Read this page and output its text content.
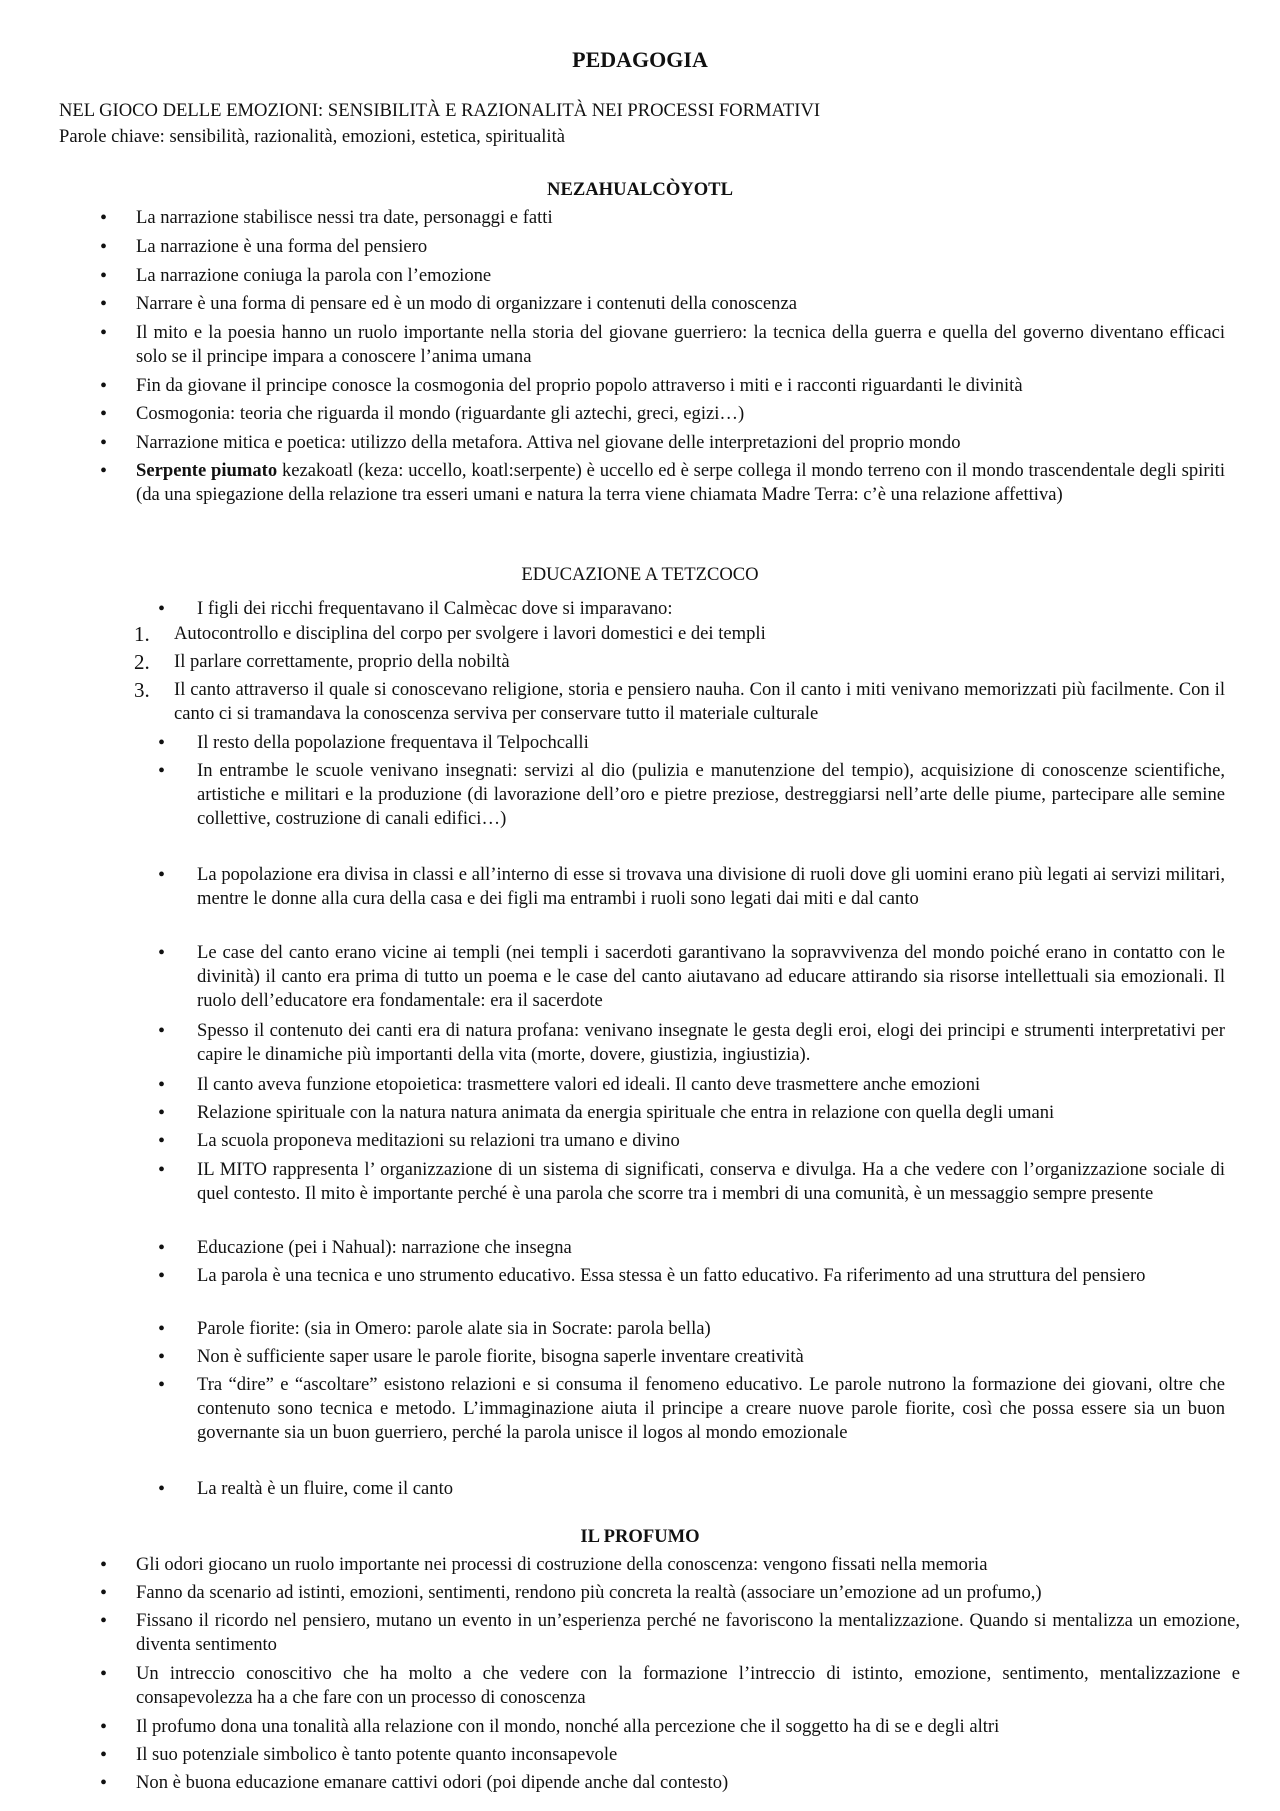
PEDAGOGIA
NEL GIOCO DELLE EMOZIONI: SENSIBILITÀ E RAZIONALITÀ NEI PROCESSI FORMATIVI
Parole chiave: sensibilità, razionalità, emozioni, estetica, spiritualità
NEZAHUALCÒYOTL
• La narrazione stabilisce nessi tra date, personaggi e fatti
• La narrazione è una forma del pensiero
• La narrazione coniuga la parola con l’emozione
• Narrare è una forma di pensare ed è un modo di organizzare i contenuti della conoscenza
• Il mito e la poesia hanno un ruolo importante nella storia del giovane guerriero: la tecnica della guerra e quella del governo diventano efficaci solo se il principe impara a conoscere l’anima umana
• Fin da giovane il principe conosce la cosmogonia del proprio popolo attraverso i miti e i racconti riguardanti le divinità
• Cosmogonia: teoria che riguarda il mondo (riguardante gli aztechi, greci, egizi…)
• Narrazione mitica e poetica: utilizzo della metafora. Attiva nel giovane delle interpretazioni del proprio mondo
• Serpente piumato kezakoatl (keza: uccello, koatl:serpente) è uccello ed è serpe collega il mondo terreno con il mondo trascendentale degli spiriti (da una spiegazione della relazione tra esseri umani e natura la terra viene chiamata Madre Terra: c’è una relazione affettiva)
EDUCAZIONE A TETZCOCO
• I figli dei ricchi frequentavano il Calmècac dove si imparavano:
1. Autocontrollo e disciplina del corpo per svolgere i lavori domestici e dei templi
2. Il parlare correttamente, proprio della nobiltà
3. Il canto attraverso il quale si conoscevano religione, storia e pensiero nauha. Con il canto i miti venivano memorizzati più facilmente. Con il canto ci si tramandava la conoscenza serviva per conservare tutto il materiale culturale
• Il resto della popolazione frequentava il Telpochcalli
• In entrambe le scuole venivano insegnati: servizi al dio (pulizia e manutenzione del tempio), acquisizione di conoscenze scientifiche, artistiche e militari e la produzione (di lavorazione dell’oro e pietre preziose, destreggiarsi nell’arte delle piume, partecipare alle semine collettive, costruzione di canali edifici…)
• La popolazione era divisa in classi e all’interno di esse si trovava una divisione di ruoli dove gli uomini erano più legati ai servizi militari, mentre le donne alla cura della casa e dei figli ma entrambi i ruoli sono legati dai miti e dal canto
• Le case del canto erano vicine ai templi (nei templi i sacerdoti garantivano la sopravvivenza del mondo poiché erano in contatto con le divinità) il canto era prima di tutto un poema e le case del canto aiutavano ad educare attirando sia risorse intellettuali sia emozionali. Il ruolo dell’educatore era fondamentale: era il sacerdote
• Spesso il contenuto dei canti era di natura profana: venivano insegnate le gesta degli eroi, elogi dei principi e strumenti interpretativi per capire le dinamiche più importanti della vita (morte, dovere, giustizia, ingiustizia).
• Il canto aveva funzione etopoietica: trasmettere valori ed ideali. Il canto deve trasmettere anche emozioni
• Relazione spirituale con la natura natura animata da energia spirituale che entra in relazione con quella degli umani
• La scuola proponeva meditazioni su relazioni tra umano e divino
• IL MITO rappresenta l’ organizzazione di un sistema di significati, conserva e divulga. Ha a che vedere con l’organizzazione sociale di quel contesto. Il mito è importante perché è una parola che scorre tra i membri di una comunità, è un messaggio sempre presente
• Educazione (pei i Nahual): narrazione che insegna
• La parola è una tecnica e uno strumento educativo. Essa stessa è un fatto educativo. Fa riferimento ad una struttura del pensiero
• Parole fiorite: (sia in Omero: parole alate sia in Socrate: parola bella)
• Non è sufficiente saper usare le parole fiorite, bisogna saperle inventare creatività
• Tra “dire” e “ascoltare” esistono relazioni e si consuma il fenomeno educativo. Le parole nutrono la formazione dei giovani, oltre che contenuto sono tecnica e metodo. L’immaginazione aiuta il principe a creare nuove parole fiorite, così che possa essere sia un buon governante sia un buon guerriero, perché la parola unisce il logos al mondo emozionale
• La realtà è un fluire, come il canto
IL PROFUMO
• Gli odori giocano un ruolo importante nei processi di costruzione della conoscenza: vengono fissati nella memoria
• Fanno da scenario ad istinti, emozioni, sentimenti, rendono più concreta la realtà (associare un’emozione ad un profumo,)
• Fissano il ricordo nel pensiero, mutano un evento in un’esperienza perché ne favoriscono la mentalizzazione. Quando si mentalizza un emozione, diventa sentimento
• Un intreccio conoscitivo che ha molto a che vedere con la formazione l’intreccio di istinto, emozione, sentimento, mentalizzazione e consapevolezza ha a che fare con un processo di conoscenza
• Il profumo dona una tonalità alla relazione con il mondo, nonché alla percezione che il soggetto ha di se e degli altri
• Il suo potenziale simbolico è tanto potente quanto inconsapevole
• Non è buona educazione emanare cattivi odori (poi dipende anche dal contesto)
